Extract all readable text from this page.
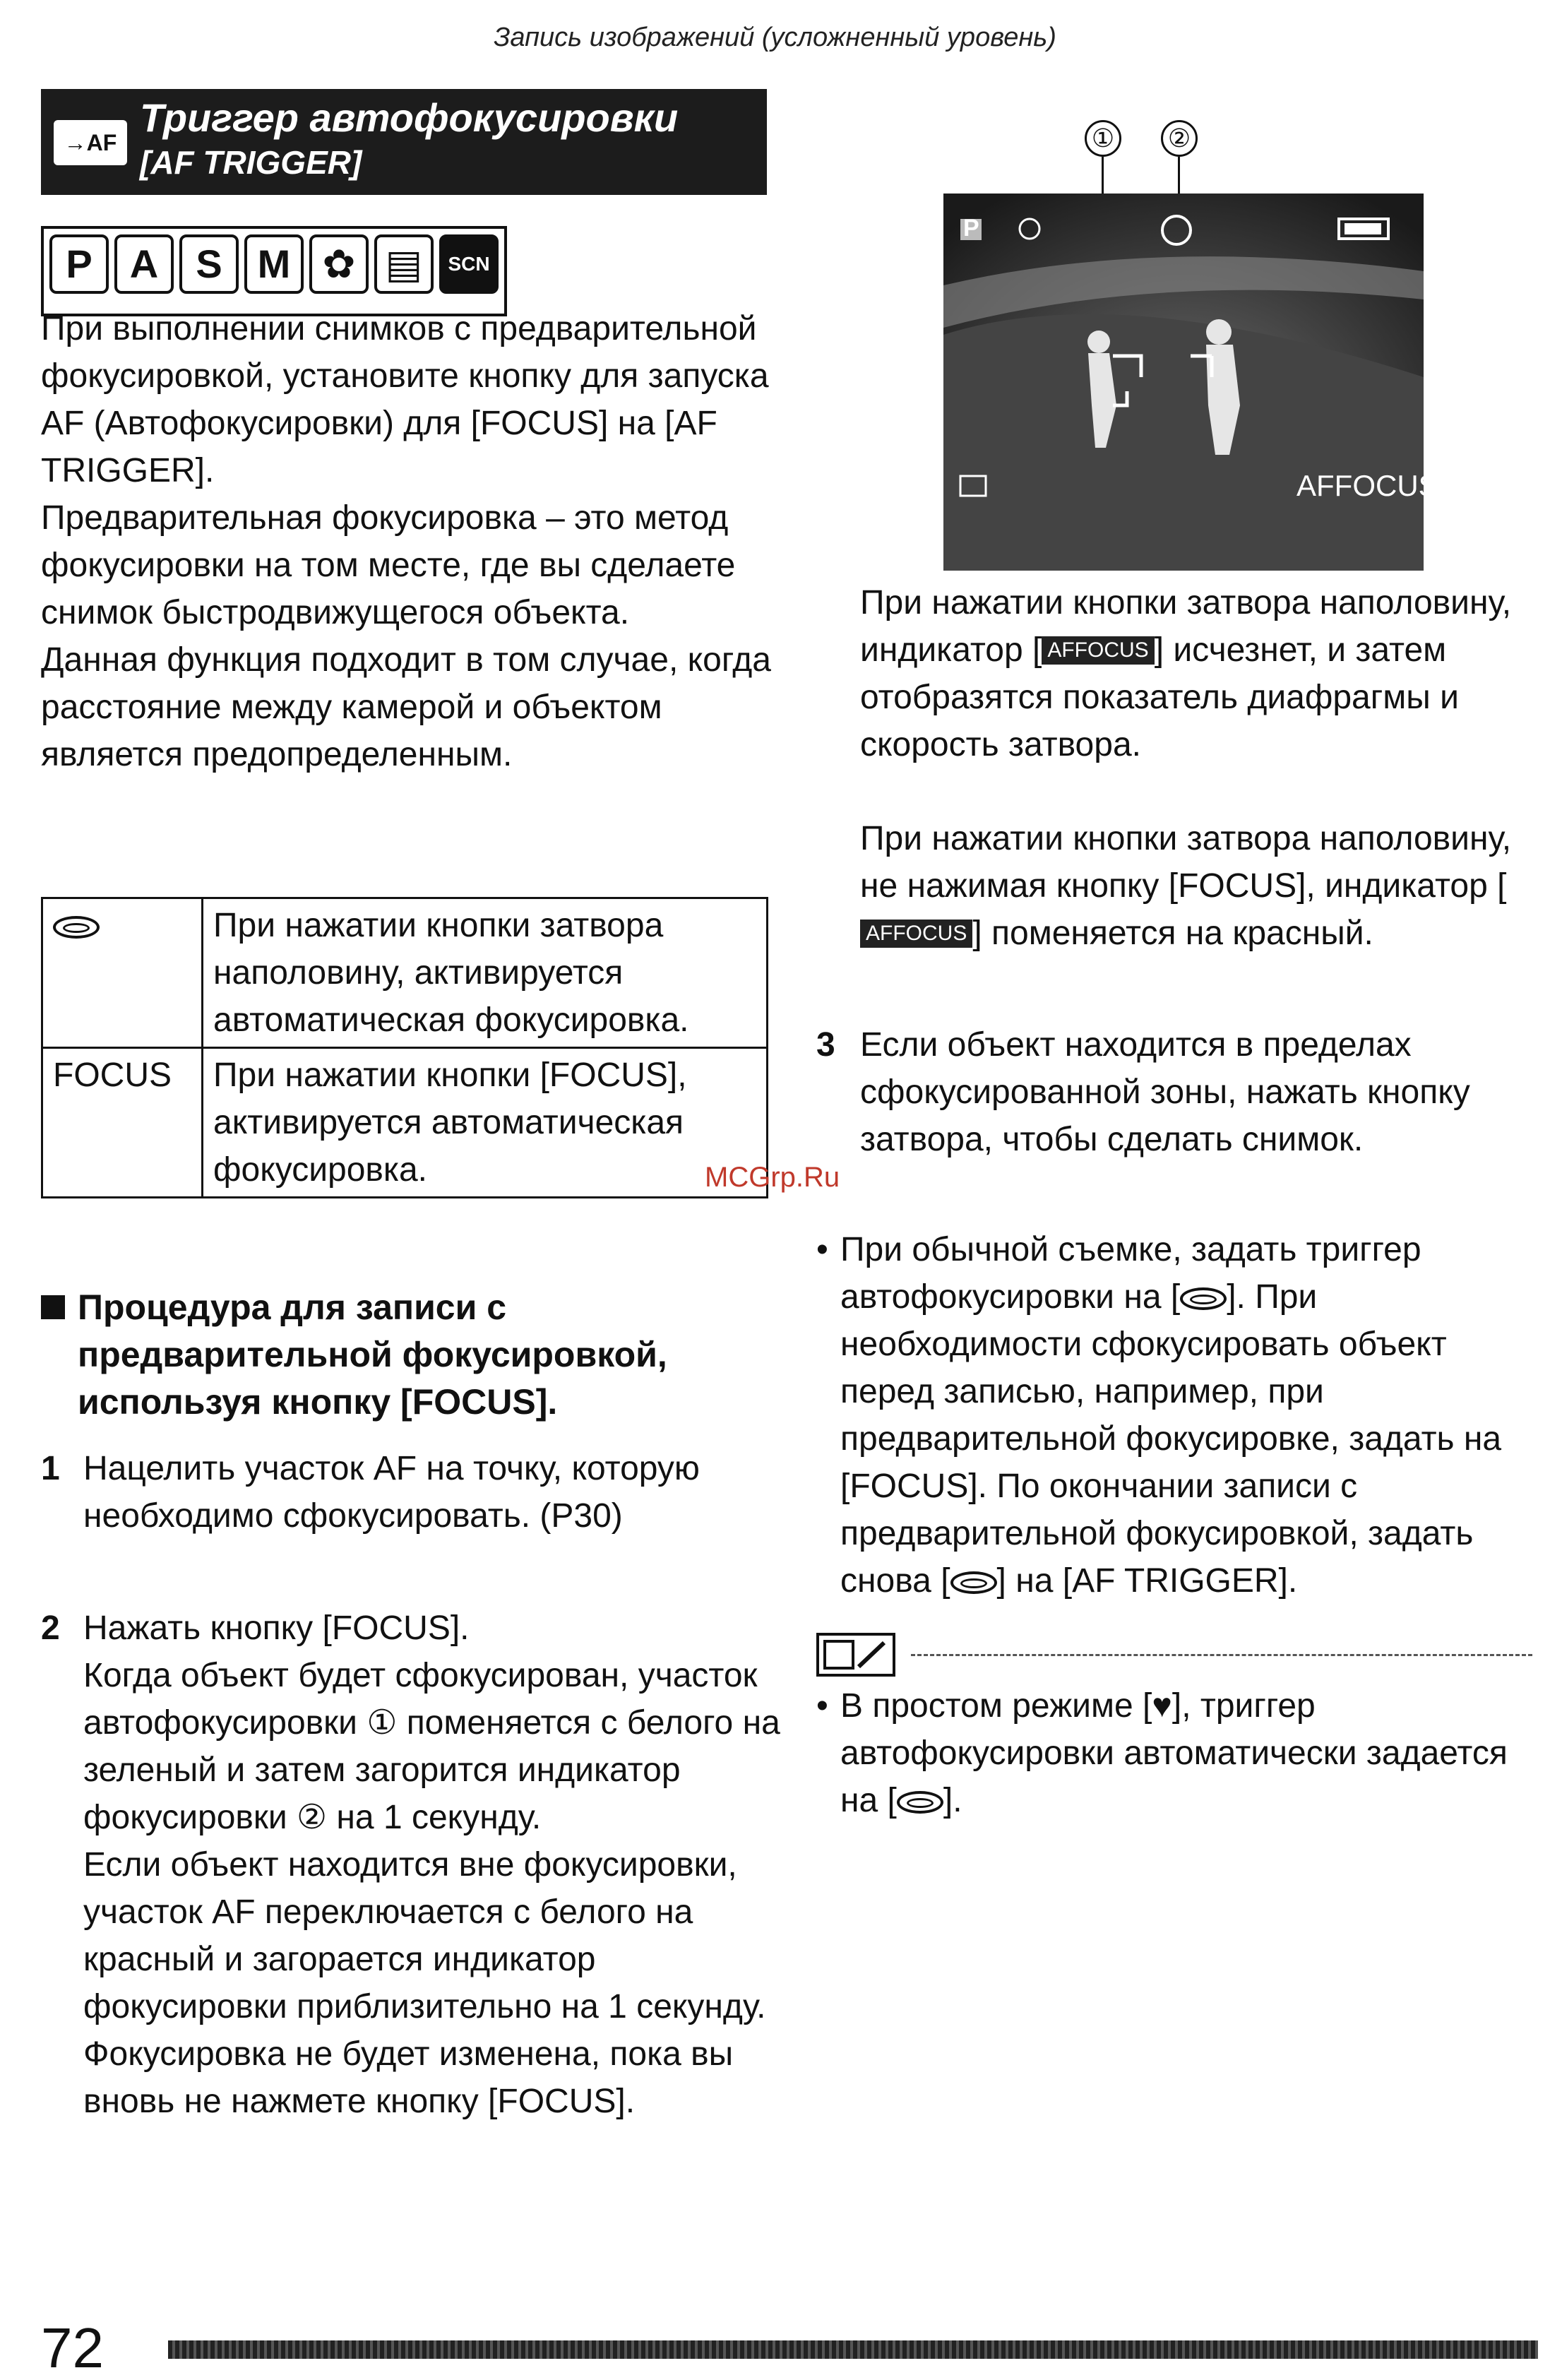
Запись изображений (усложненный уровень)
→AF
Триггер автофокусировки
[AF TRIGGER]
P A S M ✿ ▤	SCN
При выполнении снимков с предварительной фокусировкой, установите кнопку для запуска AF (Автофокусировки) для [FOCUS] на [AF TRIGGER].
Предварительная фокусировка – это метод фокусировки на том месте, где вы сделаете снимок быстродвижущегося объекта.
Данная функция подходит в том случае, когда расстояние между камерой и объектом является предопределенным.
	При нажатии кнопки затвора наполовину, активируется автоматическая фокусировка.
FOCUS	При нажатии кнопки [FOCUS], активируется автоматическая фокусировка.	MCGrp.Ru
Процедура для записи с предварительной фокусировкой, используя кнопку [FOCUS].
1 Нацелить участок AF на точку, которую необходимо сфокусировать. (P30)
2 Нажать кнопку [FOCUS].
Когда объект будет сфокусирован, участок автофокусировки ① поменяется с белого на зеленый и затем загорится индикатор фокусировки ② на 1 секунду.
Если объект находится вне фокусировки, участок AF переключается с белого на красный и загорается индикатор фокусировки приблизительно на 1 секунду. Фокусировка не будет изменена, пока вы вновь не нажмете кнопку [FOCUS].
① ②
P
AFFOCUS
При нажатии кнопки затвора наполовину, индикатор [ AFFOCUS ] исчезнет, и затем отобразятся показатель диафрагмы и скорость затвора.
При нажатии кнопки затвора наполовину, не нажимая кнопку [FOCUS], индикатор [AFFOCUS ] поменяется на красный.
3 Если объект находится в пределах сфокусированной зоны, нажать кнопку затвора, чтобы сделать снимок.
• При обычной съемке, задать триггер автофокусировки на [ ]. При необходимости сфокусировать объект перед записью, например, при предварительной фокусировке, задать на [FOCUS]. По окончании записи с предварительной фокусировкой, задать снова [ ] на [AF TRIGGER].
• В простом режиме [♥], триггер автофокусировки автоматически задается на [ ].
72
